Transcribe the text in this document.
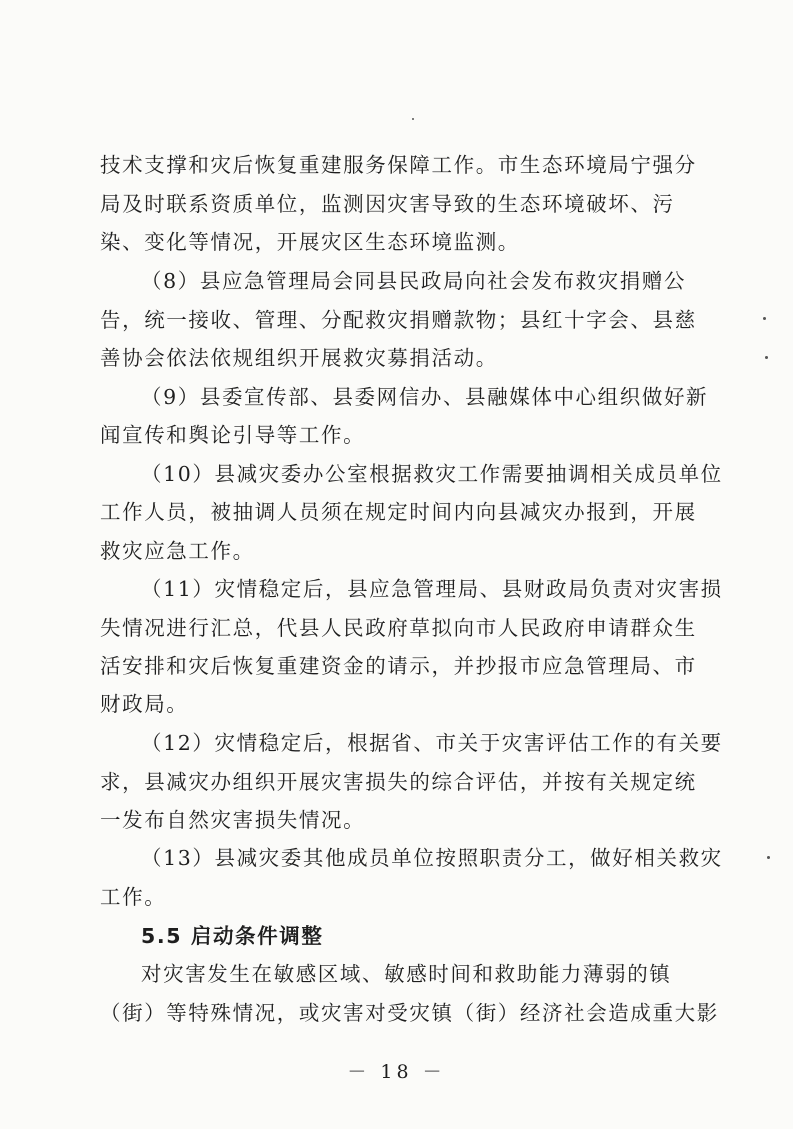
技术支撑和灾后恢复重建服务保障工作。市生态环境局宁强分
局及时联系资质单位，监测因灾害导致的生态环境破坏、污
染、变化等情况，开展灾区生态环境监测。
（8）县应急管理局会同县民政局向社会发布救灾捐赠公
告，统一接收、管理、分配救灾捐赠款物；县红十字会、县慈
善协会依法依规组织开展救灾募捐活动。
（9）县委宣传部、县委网信办、县融媒体中心组织做好新
闻宣传和舆论引导等工作。
（10）县减灾委办公室根据救灾工作需要抽调相关成员单位
工作人员，被抽调人员须在规定时间内向县减灾办报到，开展
救灾应急工作。
（11）灾情稳定后，县应急管理局、县财政局负责对灾害损
失情况进行汇总，代县人民政府草拟向市人民政府申请群众生
活安排和灾后恢复重建资金的请示，并抄报市应急管理局、市
财政局。
（12）灾情稳定后，根据省、市关于灾害评估工作的有关要
求，县减灾办组织开展灾害损失的综合评估，并按有关规定统
一发布自然灾害损失情况。
（13）县减灾委其他成员单位按照职责分工，做好相关救灾
工作。
5.5 启动条件调整
对灾害发生在敏感区域、敏感时间和救助能力薄弱的镇
（街）等特殊情况，或灾害对受灾镇（街）经济社会造成重大影
－ 18 －
